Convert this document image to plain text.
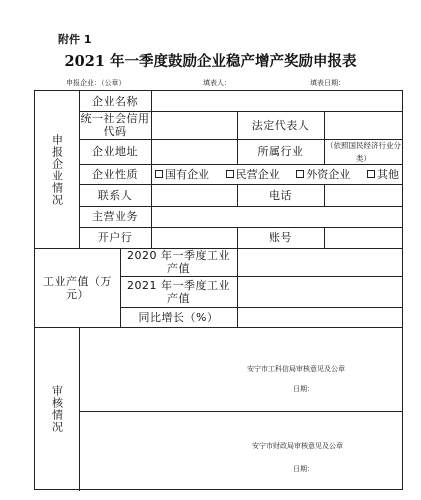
附件 1
2021 年一季度鼓励企业稳产增产奖励申报表
申报企业：（公章）	填表人：	填表日期：
申报企业情况
企业名称
统一社会信用代码	法定代表人
企业地址	所属行业	（依照国民经济行业分类）
企业性质	国有企业 民营企业 外资企业 其他
联系人	电话
主营业务
开户行	账号
工业产值（万元）
2020 年一季度工业产值
2021 年一季度工业产值
同比增长（%）
审核情况
安宁市工科信局审核意见及公章
日期：
安宁市财政局审核意见及公章
日期：
